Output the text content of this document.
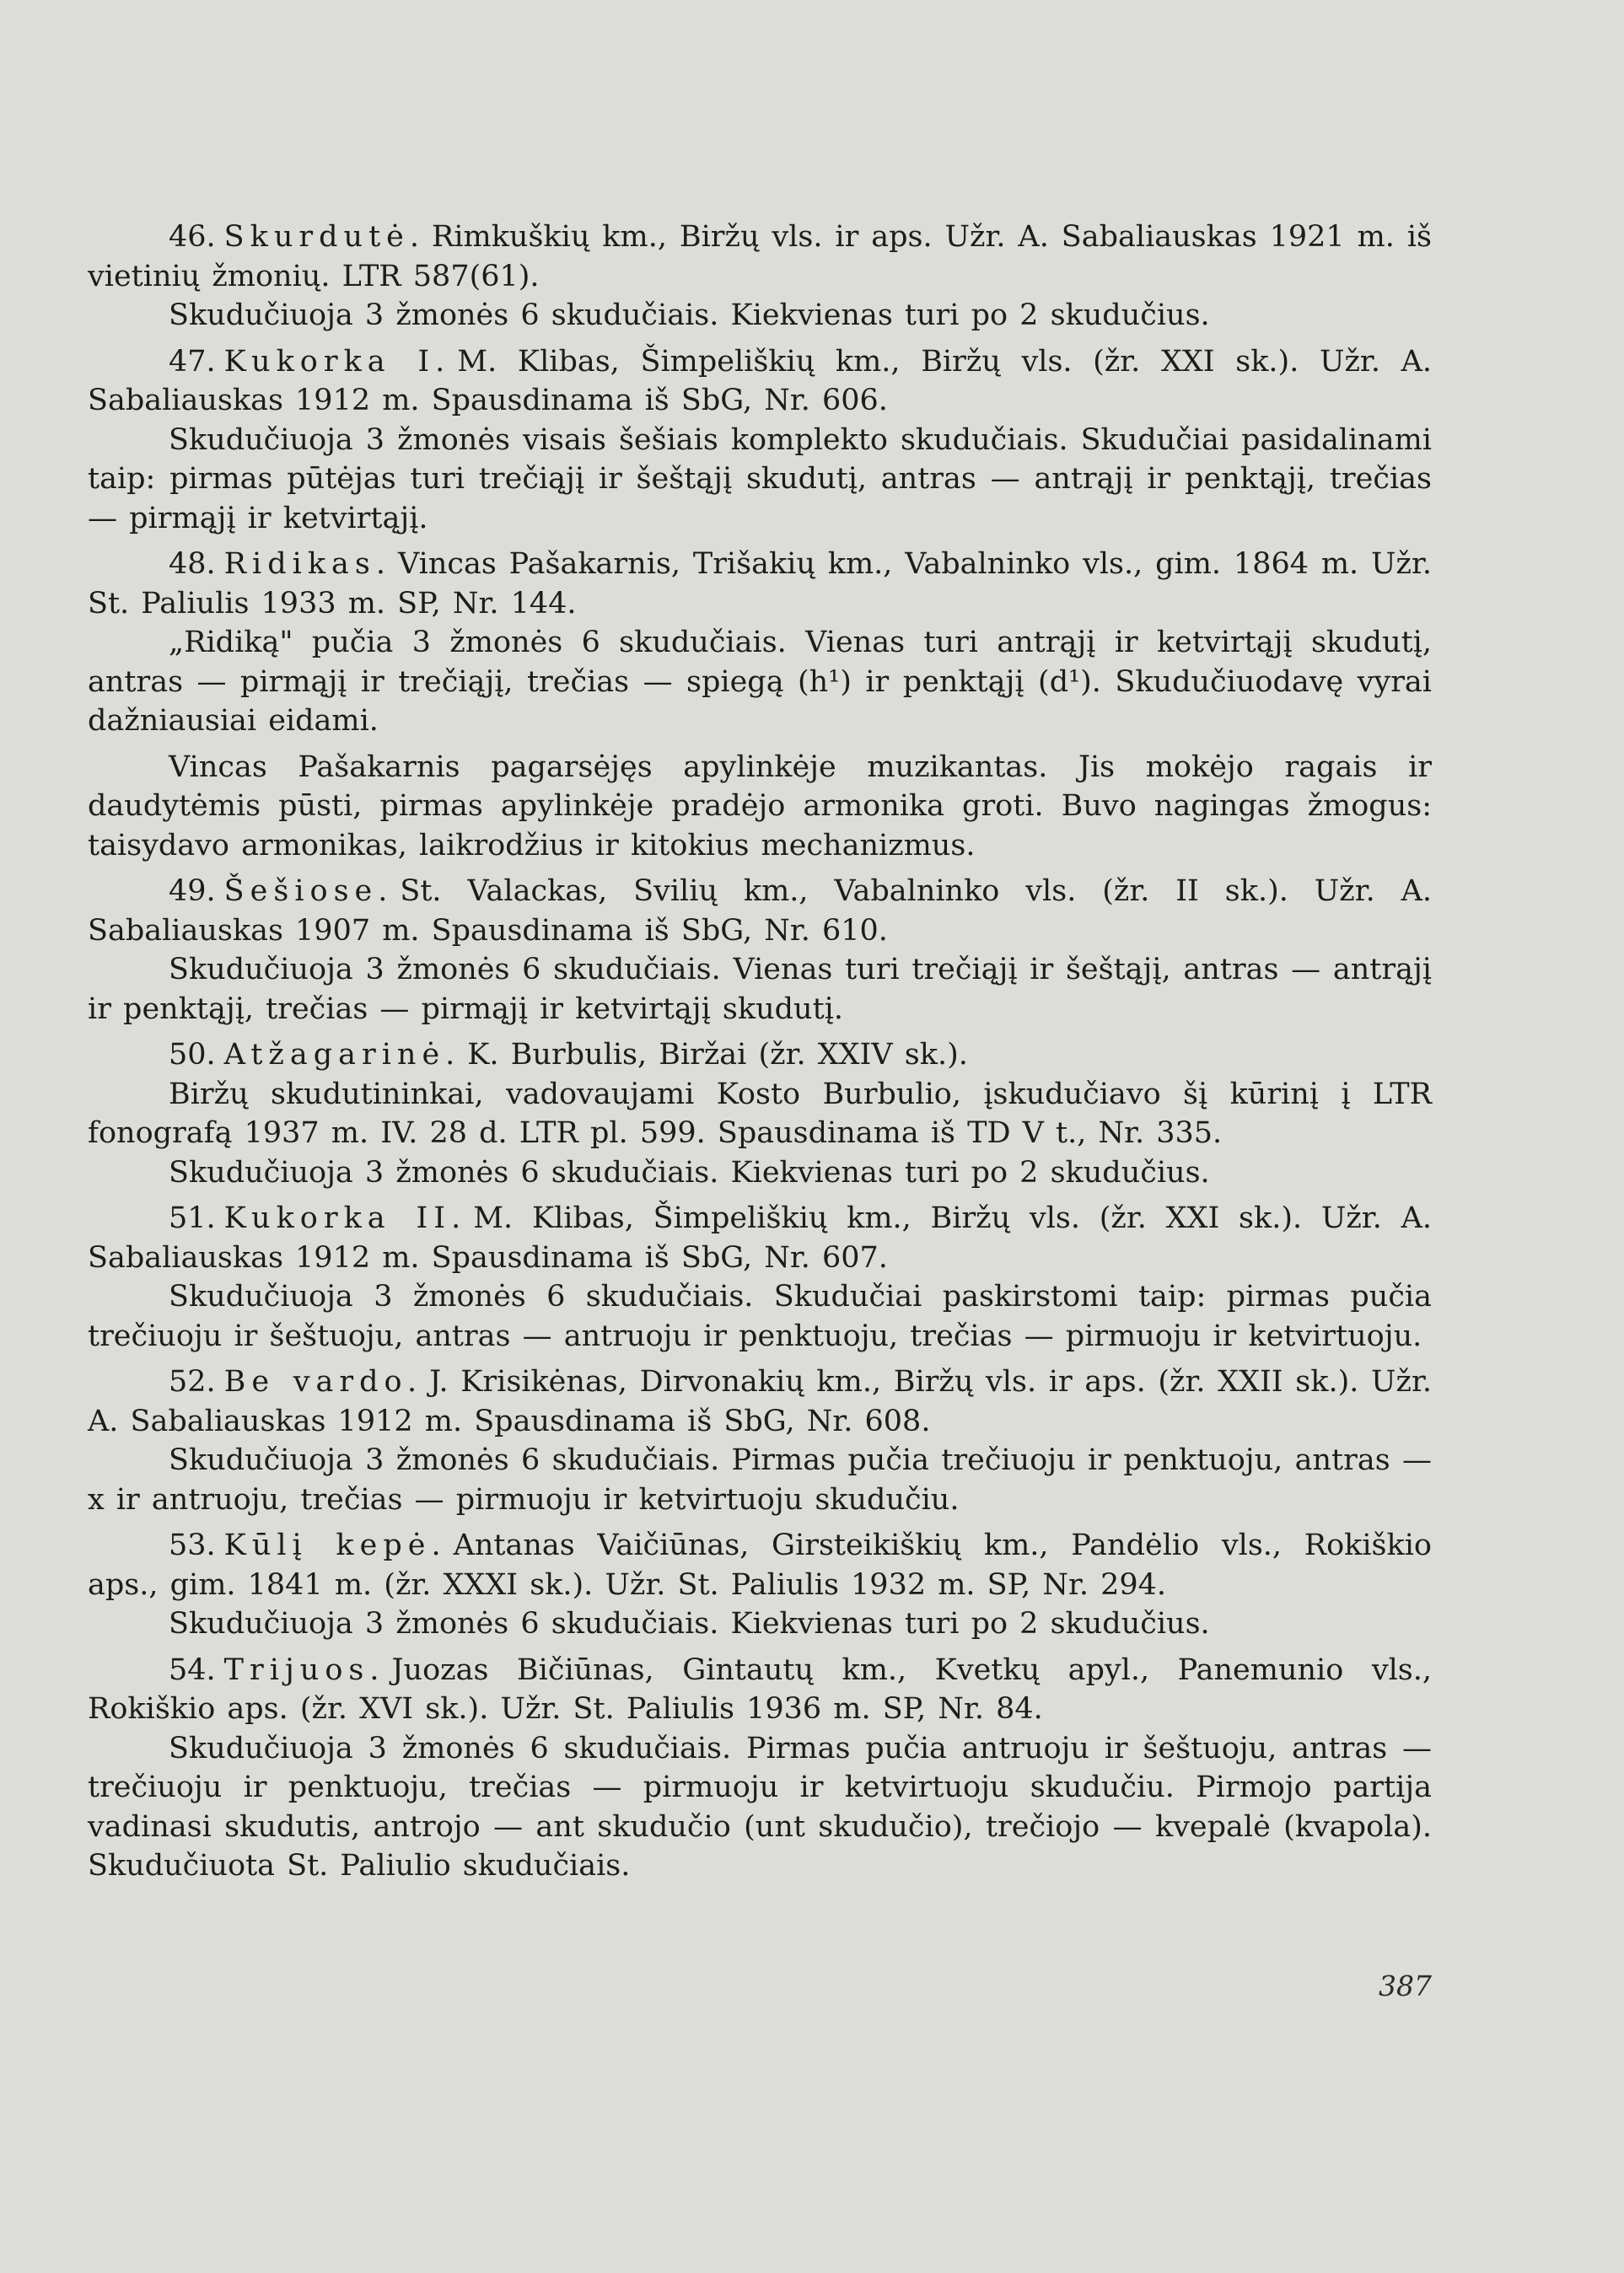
46. Skurdutė. Rimkuškių km., Biržų vls. ir aps. Užr. A. Sabaliauskas 1921 m. iš vietinių žmonių. LTR 587(61).

Skudučiuoja 3 žmonės 6 skudučiais. Kiekvienas turi po 2 skudučius.

47. Kukorka I. M. Klibas, Šimpeliškių km., Biržų vls. (žr. XXI sk.). Užr. A. Sabaliauskas 1912 m. Spausdinama iš SbG, Nr. 606.

Skudučiuoja 3 žmonės visais šešiais komplekto skudučiais. Skudučiai pasidalinami taip: pirmas pūtėjas turi trečiąjį ir šeštąjį skudutį, antras — antrąjį ir penktąjį, trečias — pirmąjį ir ketvirtąjį.

48. Ridikas. Vincas Pašakarnis, Trišakių km., Vabalninko vls., gim. 1864 m. Užr. St. Paliulis 1933 m. SP, Nr. 144.

„Ridiką" pučia 3 žmonės 6 skudučiais. Vienas turi antrąjį ir ketvirtąjį skudutį, antras — pirmąjį ir trečiąjį, trečias — spiegą (h¹) ir penktąjį (d¹). Skudučiuodavę vyrai dažniausiai eidami.

Vincas Pašakarnis pagarsėjęs apylinkėje muzikantas. Jis mokėjo ragais ir daudytėmis pūsti, pirmas apylinkėje pradėjo armonika groti. Buvo nagingas žmogus: taisydavo armonikas, laikrodžius ir kitokius mechanizmus.

49. Šešiose. St. Valackas, Svilių km., Vabalninko vls. (žr. II sk.). Užr. A. Sabaliauskas 1907 m. Spausdinama iš SbG, Nr. 610.

Skudučiuoja 3 žmonės 6 skudučiais. Vienas turi trečiąjį ir šeštąjį, antras — antrąjį ir penktąjį, trečias — pirmąjį ir ketvirtąjį skudutį.

50. Atžagarinė. K. Burbulis, Biržai (žr. XXIV sk.).

Biržų skudutininkai, vadovaujami Kosto Burbulio, įskudučiavo šį kūrinį į LTR fonografą 1937 m. IV. 28 d. LTR pl. 599. Spausdinama iš TD V t., Nr. 335.

Skudučiuoja 3 žmonės 6 skudučiais. Kiekvienas turi po 2 skudučius.

51. Kukorka II. M. Klibas, Šimpeliškių km., Biržų vls. (žr. XXI sk.). Užr. A. Sabaliauskas 1912 m. Spausdinama iš SbG, Nr. 607.

Skudučiuoja 3 žmonės 6 skudučiais. Skudučiai paskirstomi taip: pirmas pučia trečiuoju ir šeštuoju, antras — antruoju ir penktuoju, trečias — pirmuoju ir ketvirtuoju.

52. Be vardo. J. Krisikėnas, Dirvonakių km., Biržų vls. ir aps. (žr. XXII sk.). Užr. A. Sabaliauskas 1912 m. Spausdinama iš SbG, Nr. 608.

Skudučiuoja 3 žmonės 6 skudučiais. Pirmas pučia trečiuoju ir penktuoju, antras — x ir antruoju, trečias — pirmuoju ir ketvirtuoju skudučiu.

53. Kūlį kepė. Antanas Vaičiūnas, Girsteikiškių km., Pandėlio vls., Rokiškio aps., gim. 1841 m. (žr. XXXI sk.). Užr. St. Paliulis 1932 m. SP, Nr. 294.

Skudučiuoja 3 žmonės 6 skudučiais. Kiekvienas turi po 2 skudučius.

54. Trijuos. Juozas Bičiūnas, Gintautų km., Kvetkų apyl., Panemunio vls., Rokiškio aps. (žr. XVI sk.). Užr. St. Paliulis 1936 m. SP, Nr. 84.

Skudučiuoja 3 žmonės 6 skudučiais. Pirmas pučia antruoju ir šeštuoju, antras — trečiuoju ir penktuoju, trečias — pirmuoju ir ketvirtuoju skudučiu. Pirmojo partija vadinasi skudutis, antrojo — ant skudučio (unt skudučio), trečiojo — kvepalė (kvapola). Skudučiuota St. Paliulio skudučiais.

387
